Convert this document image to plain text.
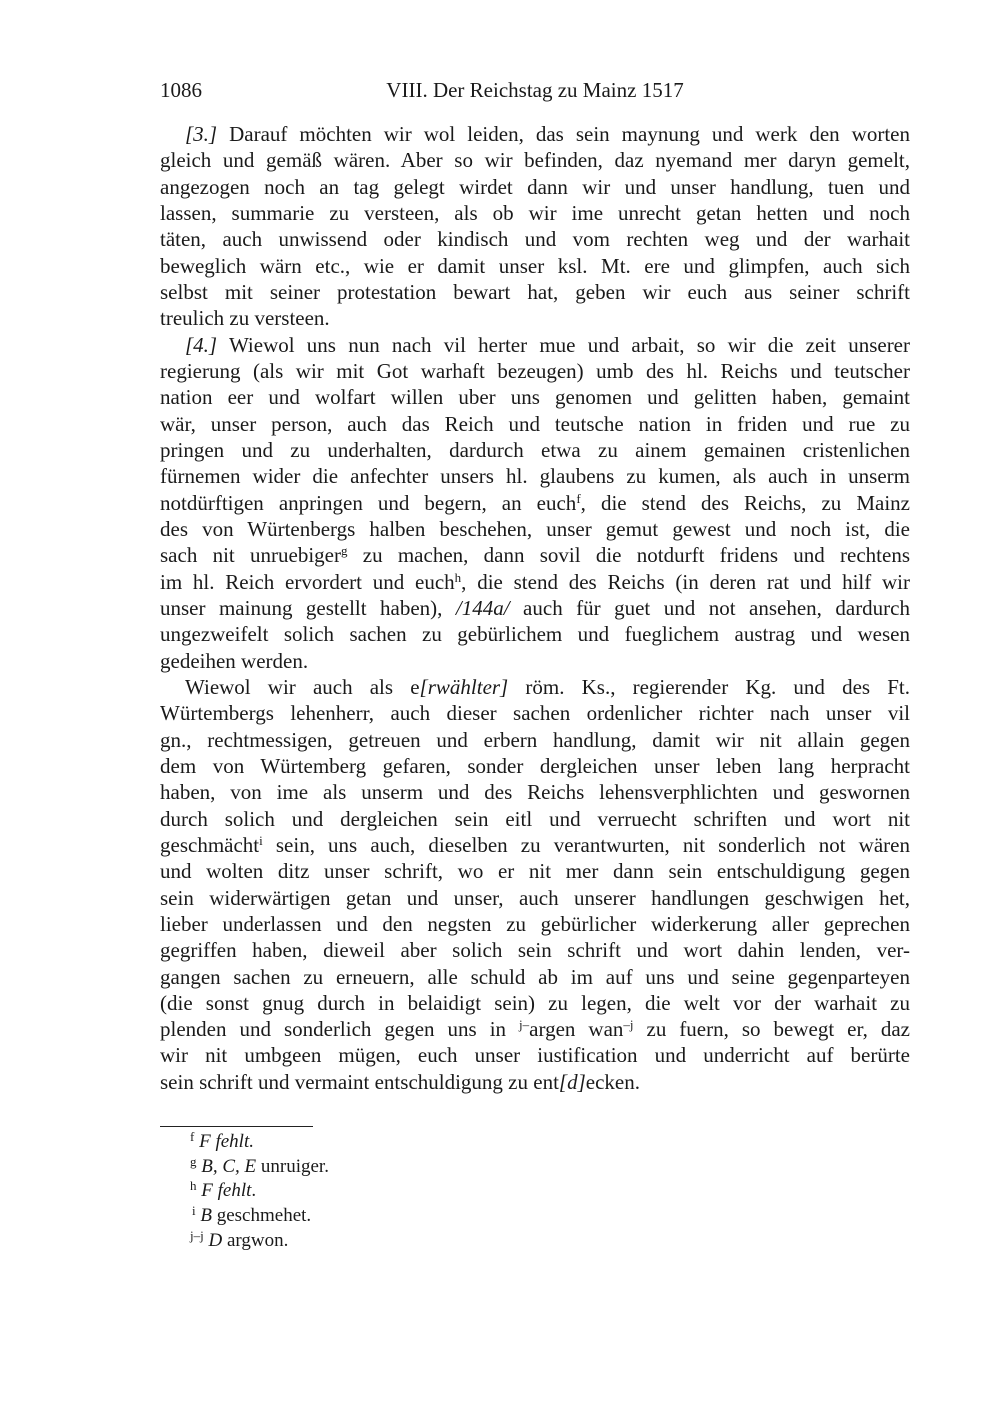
1086	VIII. Der Reichstag zu Mainz 1517
[3.] Darauf möchten wir wol leiden, das sein maynung und werk den worten
gleich und gemäß wären. Aber so wir befinden, daz nyemand mer daryn gemelt,
angezogen noch an tag gelegt wirdet dann wir und unser handlung, tuen und
lassen, summarie zu versteen, als ob wir ime unrecht getan hetten und noch
täten, auch unwissend oder kindisch und vom rechten weg und der warhait
beweglich wärn etc., wie er damit unser ksl. Mt. ere und glimpfen, auch sich
selbst mit seiner protestation bewart hat, geben wir euch aus seiner schrift
treulich zu versteen.
[4.] Wiewol uns nun nach vil herter mue und arbait, so wir die zeit unserer
regierung (als wir mit Got warhaft bezeugen) umb des hl. Reichs und teutscher
nation eer und wolfart willen uber uns genomen und gelitten haben, gemaint
wär, unser person, auch das Reich und teutsche nation in friden und rue zu
pringen und zu underhalten, dardurch etwa zu ainem gemainen cristenlichen
fürnemen wider die anfechter unsers hl. glaubens zu kumen, als auch in unserm
notdürftigen anpringen und begern, an euch$^f$, die stend des Reichs, zu Mainz
des von Würtenbergs halben beschehen, unser gemut gewest und noch ist, die
sach nit unruebiger$^g$ zu machen, dann sovil die notdurft fridens und rechtens
im hl. Reich ervordert und euch$^h$, die stend des Reichs (in deren rat und hilf wir
unser mainung gestellt haben), /144a/ auch für guet und not ansehen, dardurch
ungezweifelt solich sachen zu gebürlichem und fueglichem austrag und wesen
gedeihen werden.
Wiewol wir auch als e[rwählter] röm. Ks., regierender Kg. und des Ft.
Würtembergs lehenherr, auch dieser sachen ordenlicher richter nach unser vil
gn., rechtmessigen, getreuen und erbern handlung, damit wir nit allain gegen
dem von Würtemberg gefaren, sonder dergleichen unser leben lang herpracht
haben, von ime als unserm und des Reichs lehensverphlichten und geswornen
durch solich und dergleichen sein eitl und verruecht schriften und wort nit
geschmächt$^i$ sein, uns auch, dieselben zu verantwurten, nit sonderlich not wären
und wolten ditz unser schrift, wo er nit mer dann sein entschuldigung gegen
sein widerwärtigen getan und unser, auch unserer handlungen geschwigen het,
lieber underlassen und den negsten zu gebürlicher widerkerung aller geprechen
gegriffen haben, dieweil aber solich sein schrift und wort dahin lenden, ver-
gangen sachen zu erneuern, alle schuld ab im auf uns und seine gegenparteyen
(die sonst gnug durch in belaidigt sein) zu legen, die welt vor der warhait zu
plenden und sonderlich gegen uns in $^{j-}$argen wan$^{-j}$ zu fuern, so bewegt er, daz
wir nit umbgeen mügen, euch unser iustification und underricht auf berürte
sein schrift und vermaint entschuldigung zu ent[d]ecken.
$^f$ F fehlt.
$^g$ B, C, E unruiger.
$^h$ F fehlt.
$^i$ B geschmehet.
$^{j-j}$ D argwon.
